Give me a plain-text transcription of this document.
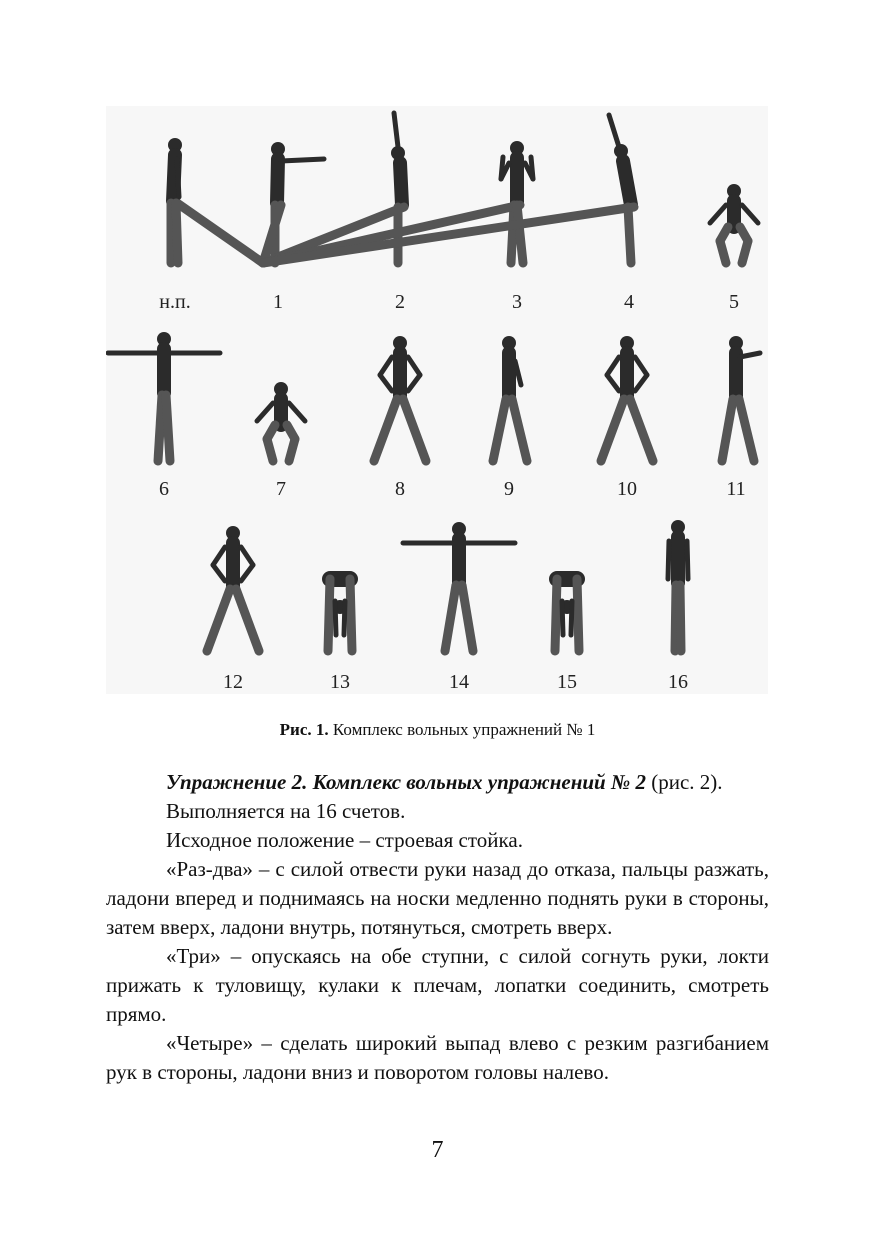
н.п.	1	2	3	4	5
6	7	8	9	10	11
12	13	14	15	16
Рис. 1. Комплекс вольных упражнений № 1

Упражнение 2. Комплекс вольных упражнений № 2 (рис. 2).

Выполняется на 16 счетов.

Исходное положение – строевая стойка.

«Раз-два» – с силой отвести руки назад до отказа, пальцы разжать, ладони вперед и поднимаясь на носки медленно поднять руки в стороны, затем вверх, ладони внутрь, потянуться, смотреть вверх.

«Три» – опускаясь на обе ступни, с силой согнуть руки, локти прижать к туловищу, кулаки к плечам, лопатки соединить, смотреть прямо.

«Четыре» – сделать широкий выпад влево с резким разгибанием рук в стороны, ладони вниз и поворотом головы налево.

7
